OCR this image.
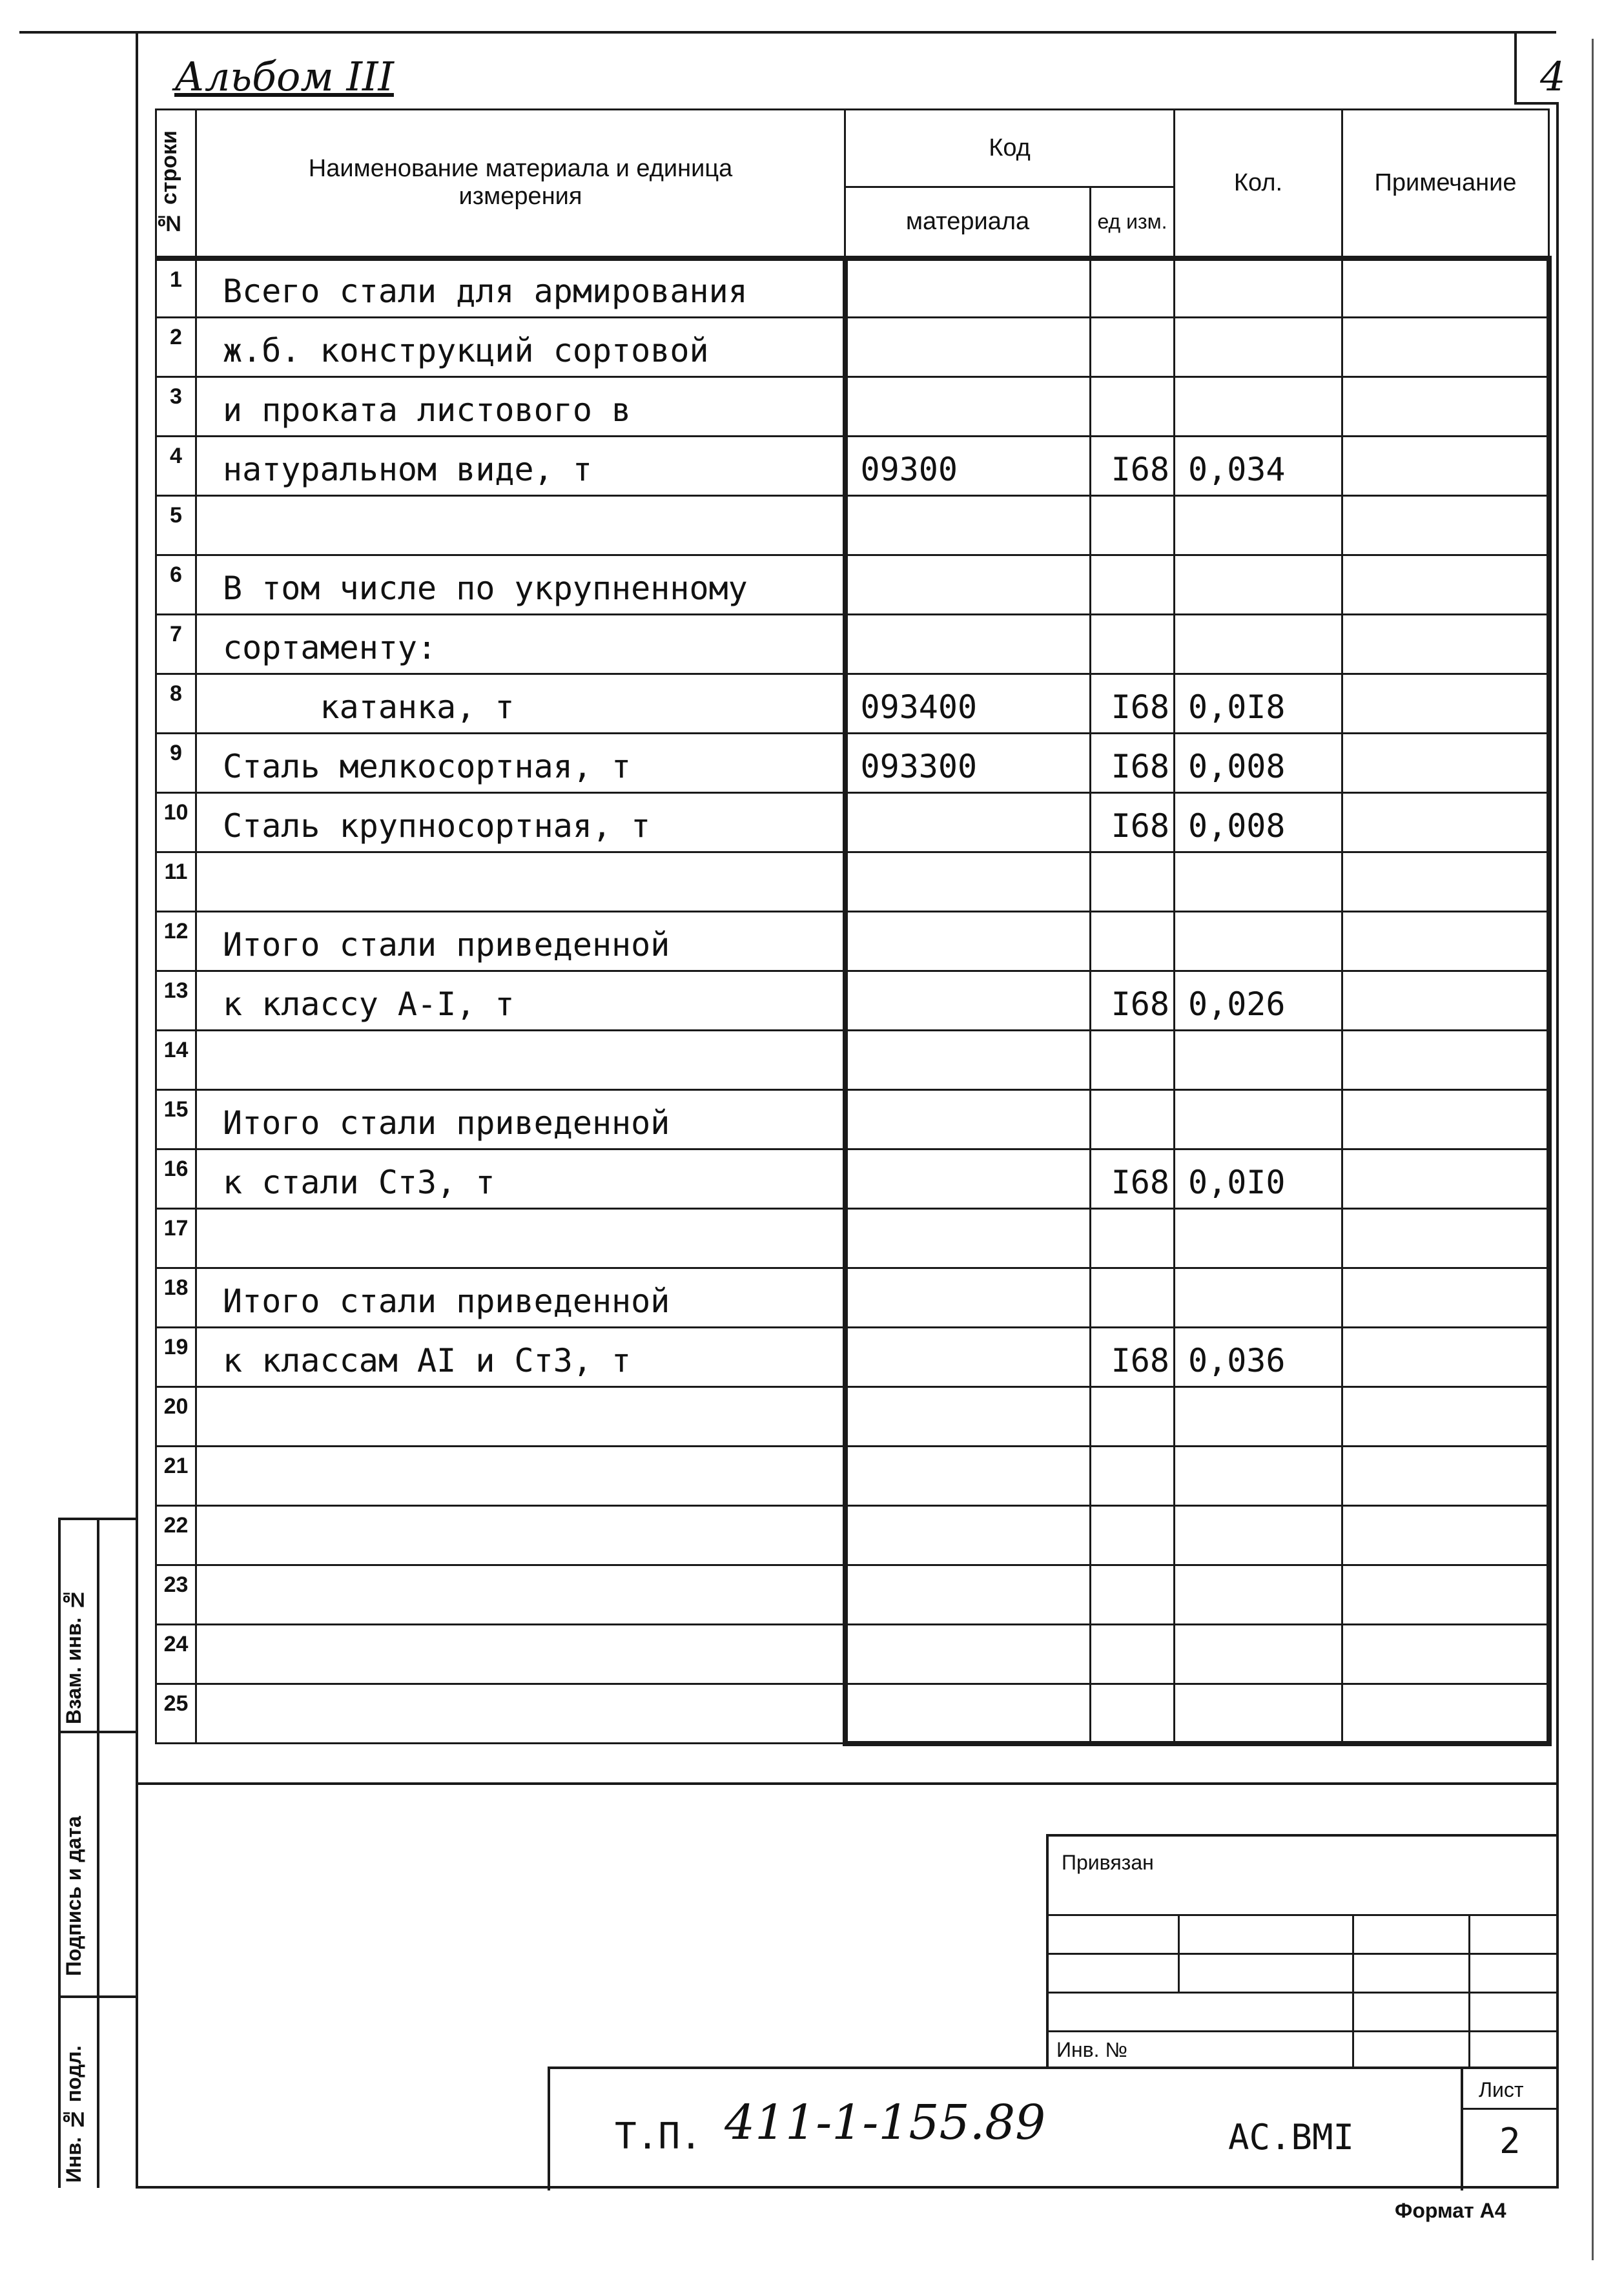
Альбом III	4
№ строки	Наименование материала и единица измерения	Код		Кол.	Примечание
		материала	ед изм.		
1	Всего стали для армирования				
2	ж.б. конструкций сортовой				
3	и проката листового в				
4	натуральном виде, т	09300	I68	0,034	
5					
6	В том числе по укрупненному				
7	сортаменту:				
8	катанка, т	093400	I68	0,0I8	
9	Сталь мелкосортная, т	093300	I68	0,008	
10	Сталь крупносортная, т		I68	0,008	
11					
12	Итого стали приведенной				
13	к классу А-I, т		I68	0,026	
14					
15	Итого стали приведенной				
16	к стали Ст3, т		I68	0,0I0	
17					
18	Итого стали приведенной				
19	к классам АI и Ст3, т		I68	0,036	
20					
21					
22					
23					
24					
25					
Взам. инв. №
Подпись и дата
Инв. № подл.
Привязан
Инв. №
Т.П. 411-1-155.89	АС.ВМI
Лист
2
Формат А4
